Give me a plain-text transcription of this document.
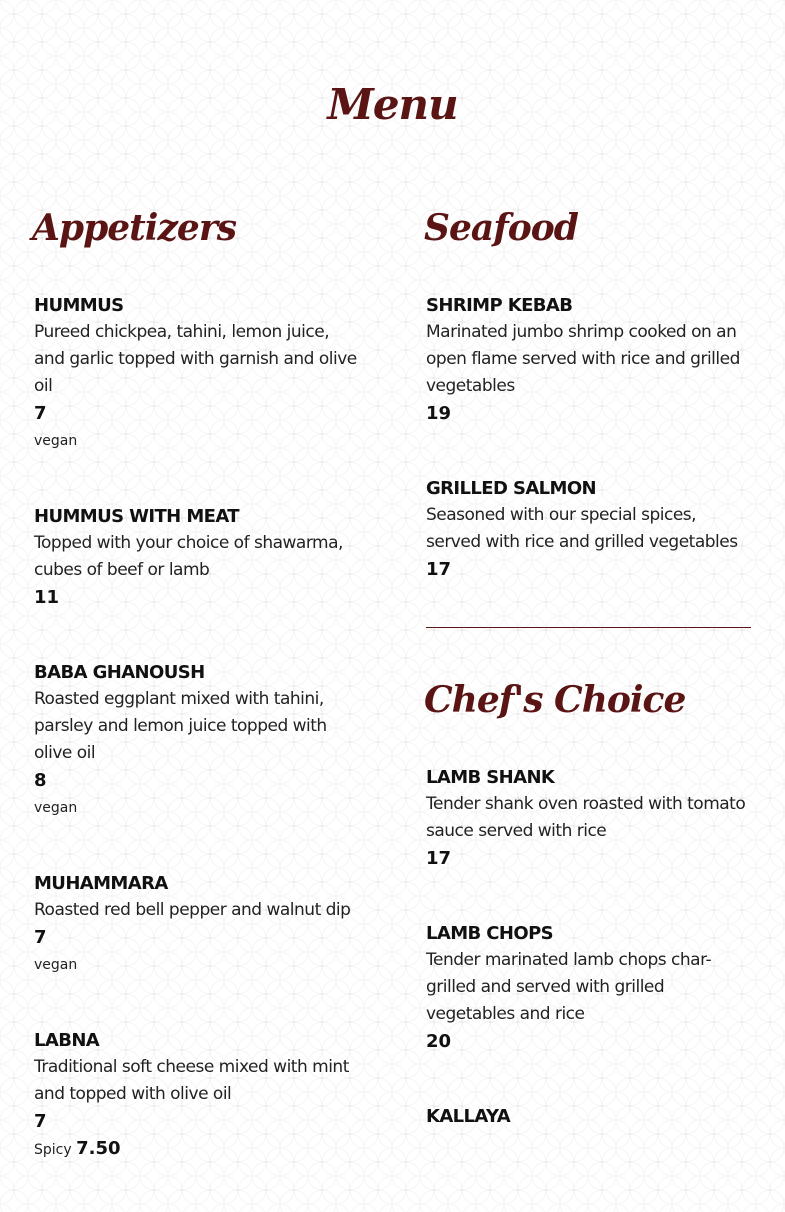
Menu
Appetizers
HUMMUS
Pureed chickpea, tahini, lemon juice, and garlic topped with garnish and olive oil
7
vegan
HUMMUS WITH MEAT
Topped with your choice of shawarma, cubes of beef or lamb
11
BABA GHANOUSH
Roasted eggplant mixed with tahini, parsley and lemon juice topped with olive oil
8
vegan
MUHAMMARA
Roasted red bell pepper and walnut dip
7
vegan
LABNA
Traditional soft cheese mixed with mint and topped with olive oil
7
Spicy 7.50
Seafood
SHRIMP KEBAB
Marinated jumbo shrimp cooked on an open flame served with rice and grilled vegetables
19
GRILLED SALMON
Seasoned with our special spices, served with rice and grilled vegetables
17
Chef's Choice
LAMB SHANK
Tender shank oven roasted with tomato sauce served with rice
17
LAMB CHOPS
Tender marinated lamb chops char-grilled and served with grilled vegetables and rice
20
KALLAYA
